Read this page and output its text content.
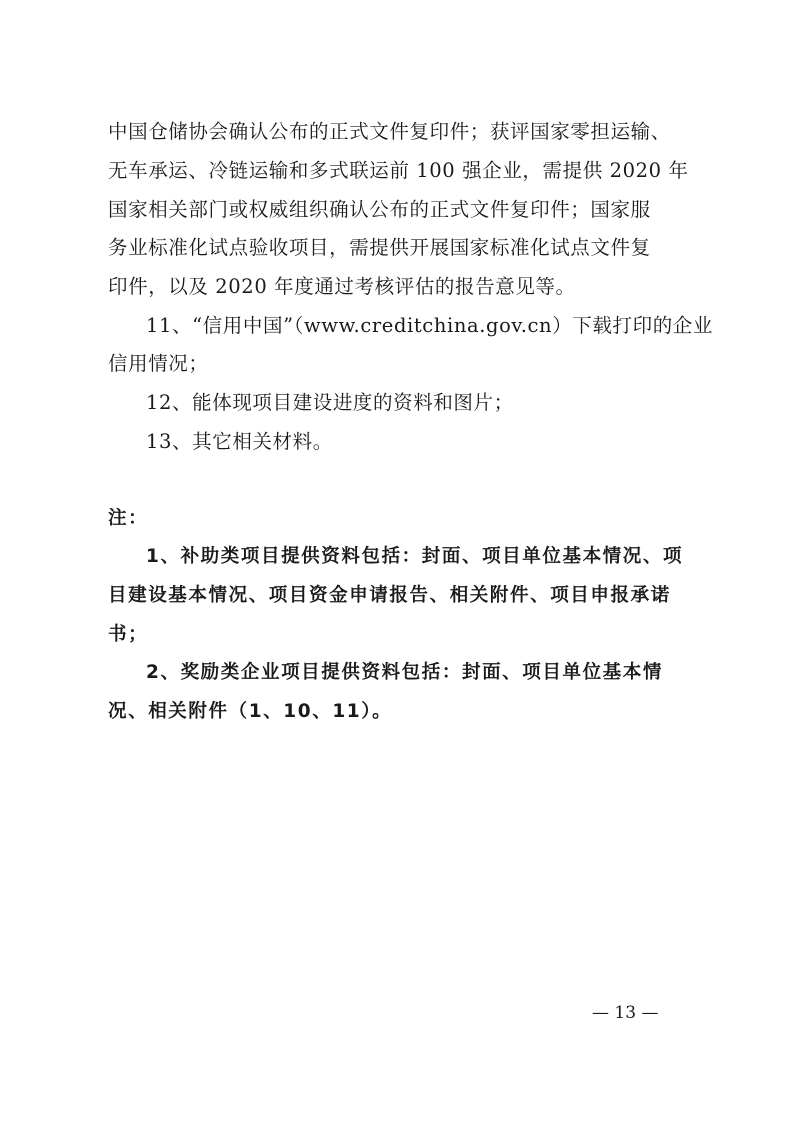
中国仓储协会确认公布的正式文件复印件；获评国家零担运输、
无车承运、冷链运输和多式联运前 100 强企业，需提供 2020 年
国家相关部门或权威组织确认公布的正式文件复印件；国家服
务业标准化试点验收项目，需提供开展国家标准化试点文件复
印件，以及 2020 年度通过考核评估的报告意见等。
11、“信用中国”（www.creditchina.gov.cn）下载打印的企业
信用情况；
12、能体现项目建设进度的资料和图片；
13、其它相关材料。
注：
1、补助类项目提供资料包括：封面、项目单位基本情况、项
目建设基本情况、项目资金申请报告、相关附件、项目申报承诺
书；
2、奖励类企业项目提供资料包括：封面、项目单位基本情
况、相关附件（1、10、11）。
— 13 —
